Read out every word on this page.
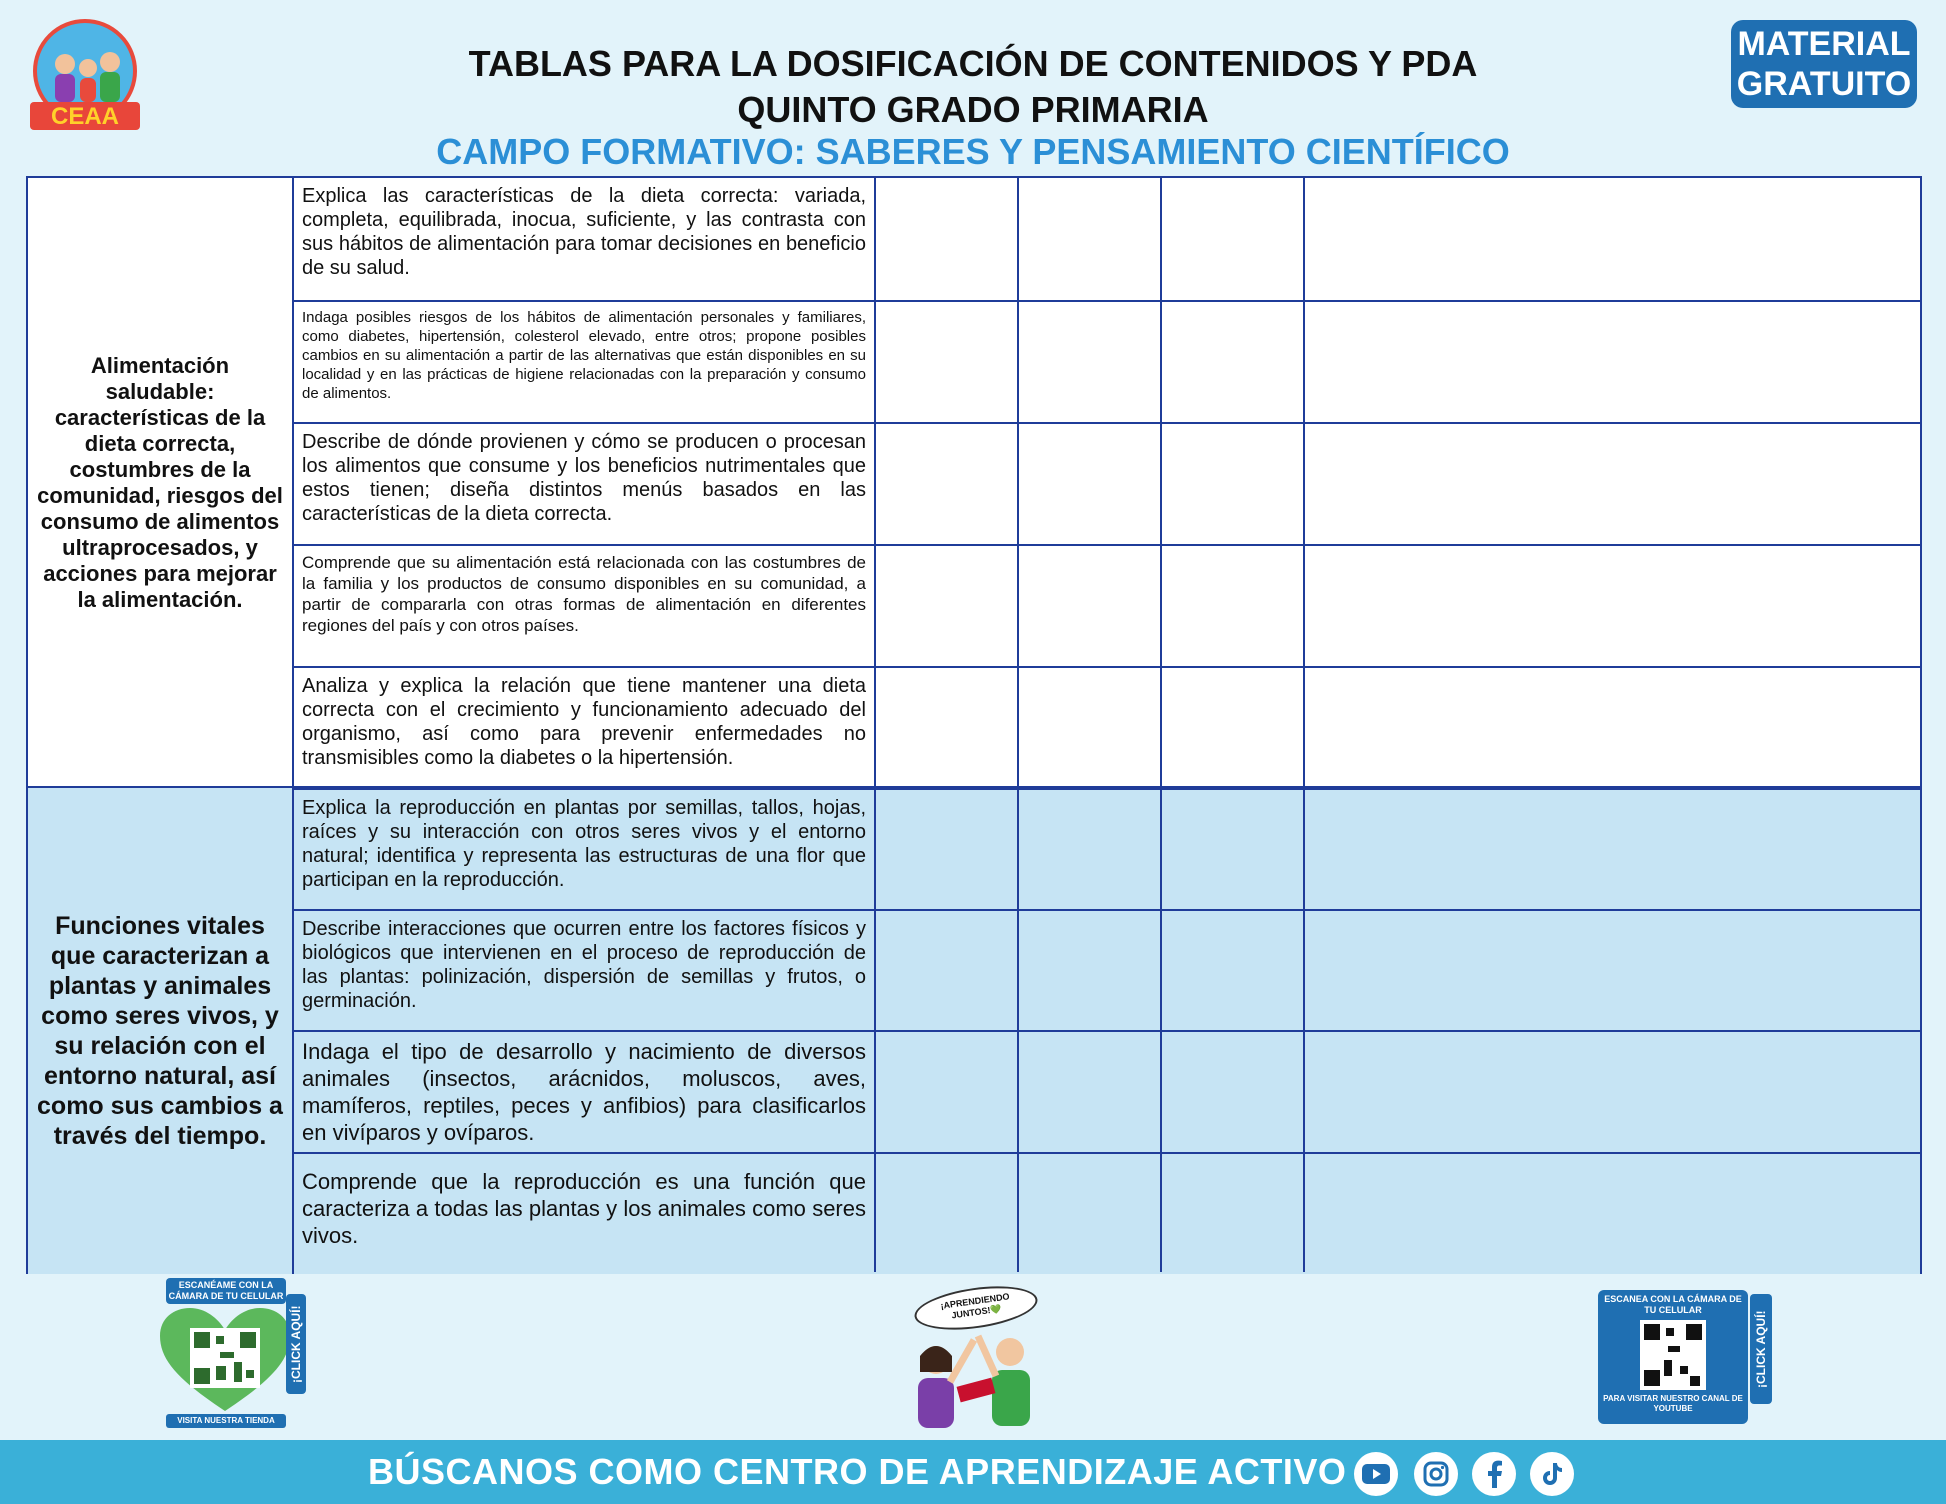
CEAA
MATERIAL
GRATUITO
TABLAS PARA LA DOSIFICACIÓN DE CONTENIDOS Y PDA
QUINTO GRADO PRIMARIA
CAMPO FORMATIVO: SABERES Y PENSAMIENTO CIENTÍFICO
Alimentación saludable: características de la dieta correcta, costumbres de la comunidad, riesgos del consumo de alimentos ultraprocesados, y acciones para mejorar la alimentación.
Explica las características de la dieta correcta: variada, completa, equilibrada, inocua, suficiente, y las contrasta con sus hábitos de alimentación para tomar decisiones en beneficio de su salud.
Indaga posibles riesgos de los hábitos de alimentación personales y familiares, como diabetes, hipertensión, colesterol elevado, entre otros; propone posibles cambios en su alimentación a partir de las alternativas que están disponibles en su localidad y en las prácticas de higiene relacionadas con la preparación y consumo de alimentos.
Describe de dónde provienen y cómo se producen o procesan los alimentos que consume y los beneficios nutrimentales que estos tienen; diseña distintos menús basados en las características de la dieta correcta.
Comprende que su alimentación está relacionada con las costumbres de la familia y los productos de consumo disponibles en su comunidad, a partir de compararla con otras formas de alimentación en diferentes regiones del país y con otros países.
Analiza y explica la relación que tiene mantener una dieta correcta con el crecimiento y funcionamiento adecuado del organismo, así como para prevenir enfermedades no transmisibles como la diabetes o la hipertensión.
Funciones vitales que caracterizan a plantas y animales como seres vivos, y su relación con el entorno natural, así como sus cambios a través del tiempo.
Explica la reproducción en plantas por semillas, tallos, hojas, raíces y su interacción con otros seres vivos y el entorno natural; identifica y representa las estructuras de una flor que participan en la reproducción.
Describe interacciones que ocurren entre los factores físicos y biológicos que intervienen en el proceso de reproducción de las plantas: polinización, dispersión de semillas y frutos, o germinación.
Indaga el tipo de desarrollo y nacimiento de diversos animales (insectos, arácnidos, moluscos, aves, mamíferos, reptiles, peces y anfibios) para clasificarlos en vivíparos y ovíparos.
Comprende que la reproducción es una función que caracteriza a todas las plantas y los animales como seres vivos.
ESCANÉAME CON LA CÁMARA DE TU CELULAR
¡CLICK AQUÍ!
VISITA NUESTRA TIENDA
¡APRENDIENDO JUNTOS!💚
ESCANEA CON LA CÁMARA DE TU CELULAR
PARA VISITAR NUESTRO CANAL DE YOUTUBE
¡CLICK AQUÍ!
BÚSCANOS COMO CENTRO DE APRENDIZAJE ACTIVO
